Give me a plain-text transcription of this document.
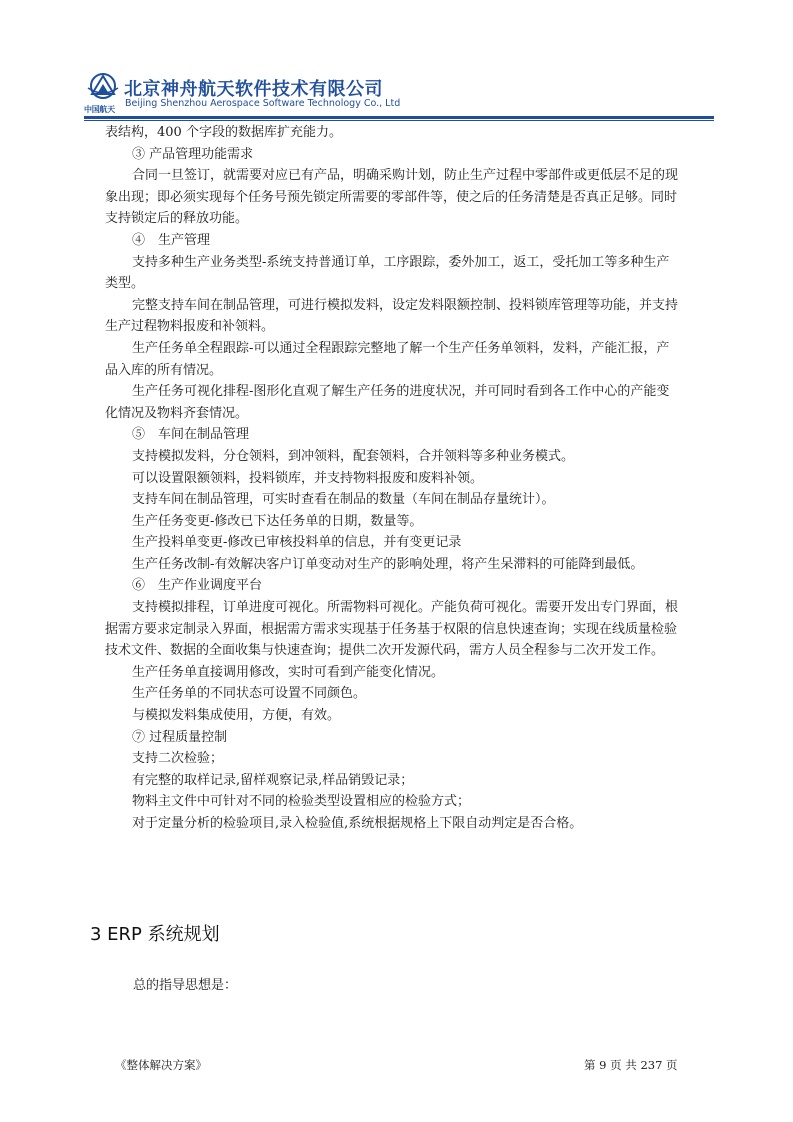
中国航天
北京神舟航天软件技术有限公司
Beijing Shenzhou Aerospace Software Technology Co., Ltd

表结构，400 个字段的数据库扩充能力。

③ 产品管理功能需求

合同一旦签订，就需要对应已有产品，明确采购计划，防止生产过程中零部件或更低层不足的现

象出现；即必须实现每个任务号预先锁定所需要的零部件等，使之后的任务清楚是否真正足够。同时

支持锁定后的释放功能。

④　生产管理

支持多种生产业务类型-系统支持普通订单，工序跟踪，委外加工，返工，受托加工等多种生产

类型。

完整支持车间在制品管理，可进行模拟发料，设定发料限额控制、投料锁库管理等功能，并支持

生产过程物料报废和补领料。

生产任务单全程跟踪-可以通过全程跟踪完整地了解一个生产任务单领料，发料，产能汇报，产

品入库的所有情况。

生产任务可视化排程-图形化直观了解生产任务的进度状况，并可同时看到各工作中心的产能变

化情况及物料齐套情况。

⑤　车间在制品管理

支持模拟发料，分仓领料，到冲领料，配套领料，合并领料等多种业务模式。

可以设置限额领料，投料锁库，并支持物料报废和废料补领。

支持车间在制品管理，可实时查看在制品的数量（车间在制品存量统计）。

生产任务变更-修改已下达任务单的日期，数量等。

生产投料单变更-修改已审核投料单的信息，并有变更记录

生产任务改制-有效解决客户订单变动对生产的影响处理，将产生呆滞料的可能降到最低。

⑥　生产作业调度平台

支持模拟排程，订单进度可视化。所需物料可视化。产能负荷可视化。需要开发出专门界面，根

据需方要求定制录入界面，根据需方需求实现基于任务基于权限的信息快速查询；实现在线质量检验

技术文件、数据的全面收集与快速查询；提供二次开发源代码，需方人员全程参与二次开发工作。

生产任务单直接调用修改，实时可看到产能变化情况。

生产任务单的不同状态可设置不同颜色。

与模拟发料集成使用，方便，有效。

⑦ 过程质量控制

支持二次检验；

有完整的取样记录,留样观察记录,样品销毁记录；

物料主文件中可针对不同的检验类型设置相应的检验方式；

对于定量分析的检验项目,录入检验值,系统根据规格上下限自动判定是否合格。

3 ERP 系统规划
总的指导思想是：
《整体解决方案》	第 9 页 共 237 页
